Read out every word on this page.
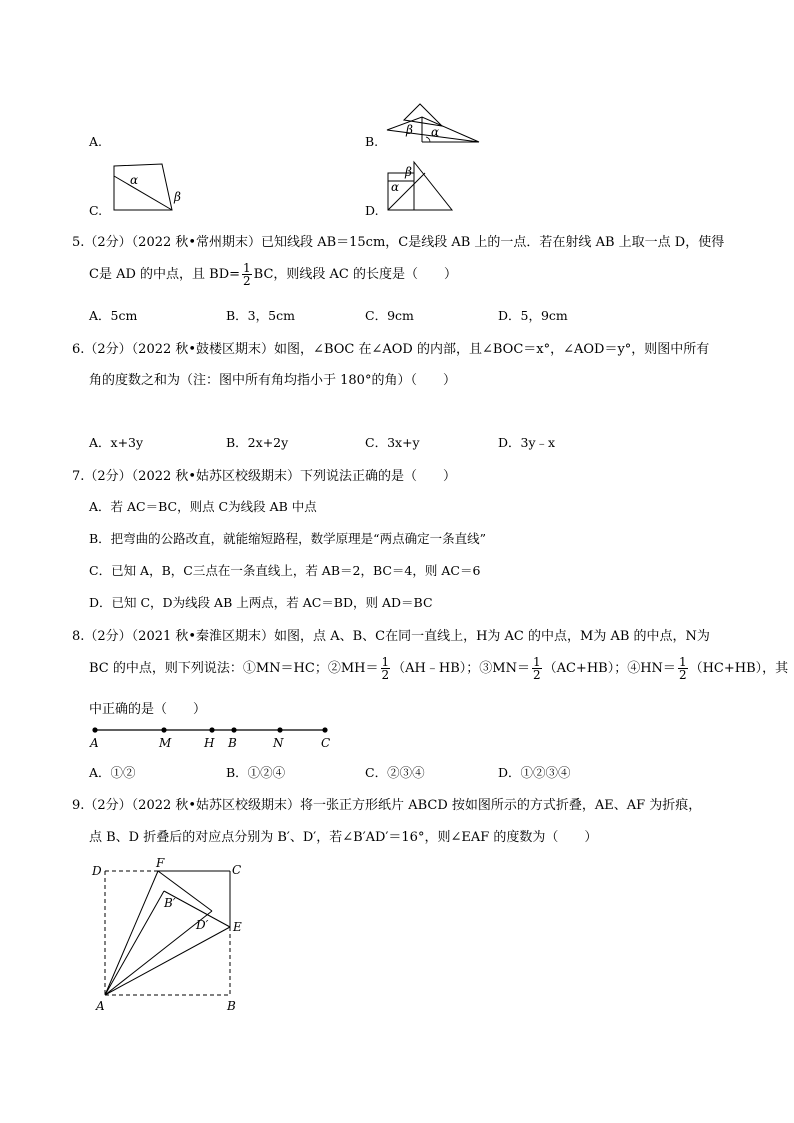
A.	B.
β α
C.
α
β
D.
α
β
5.（2分）（2022 秋•常州期末）已知线段 AB＝15cm，C是线段 AB 上的一点．若在射线 AB 上取一点 D，使得
C是 AD 的中点，且 $BD= \frac{1}{2}$ BC，则线段 AC 的长度是（　　）
A．5cm	B．3，5cm	C．9cm	D．5，9cm
6.（2分）（2022 秋•鼓楼区期末）如图，∠BOC 在∠AOD 的内部，且∠BOC＝x°，∠AOD＝y°，则图中所有
角的度数之和为（注：图中所有角均指小于 180°的角）（　　）
A．x+3y	B．2x+2y	C．3x+y	D．3y﹣x
7.（2分）（2022 秋•姑苏区校级期末）下列说法正确的是（　　）
A．若 AC＝BC，则点 C为线段 AB 中点
B．把弯曲的公路改直，就能缩短路程，数学原理是“两点确定一条直线”
C．已知 A，B，C三点在一条直线上，若 AB＝2，BC＝4，则 AC＝6
D．已知 C，D为线段 AB 上两点，若 AC＝BD，则 AD＝BC
8.（2分）（2021 秋•秦淮区期末）如图，点 A、B、C在同一直线上，H为 AC 的中点，M为 AB 的中点，N为
BC 的中点，则下列说法：①MN＝HC；②MH＝ $\frac{1}{2}$ （AH﹣HB）；③MN＝ $\frac{1}{2} (AC+HB)$；④HN＝ $\frac{1}{2} (HC+HB)$，其
中正确的是（　　）
A	M	H B	N	C
A．①②	B．①②④	C．②③④	D．①②③④
9.（2分）（2022 秋•姑苏区校级期末）将一张正方形纸片 ABCD 按如图所示的方式折叠，AE、AF 为折痕，
点 B、D 折叠后的对应点分别为 B′、D′，若∠B′AD′＝16°，则∠EAF 的度数为（　　）
D
F	C
B′
D′ E
A	B
